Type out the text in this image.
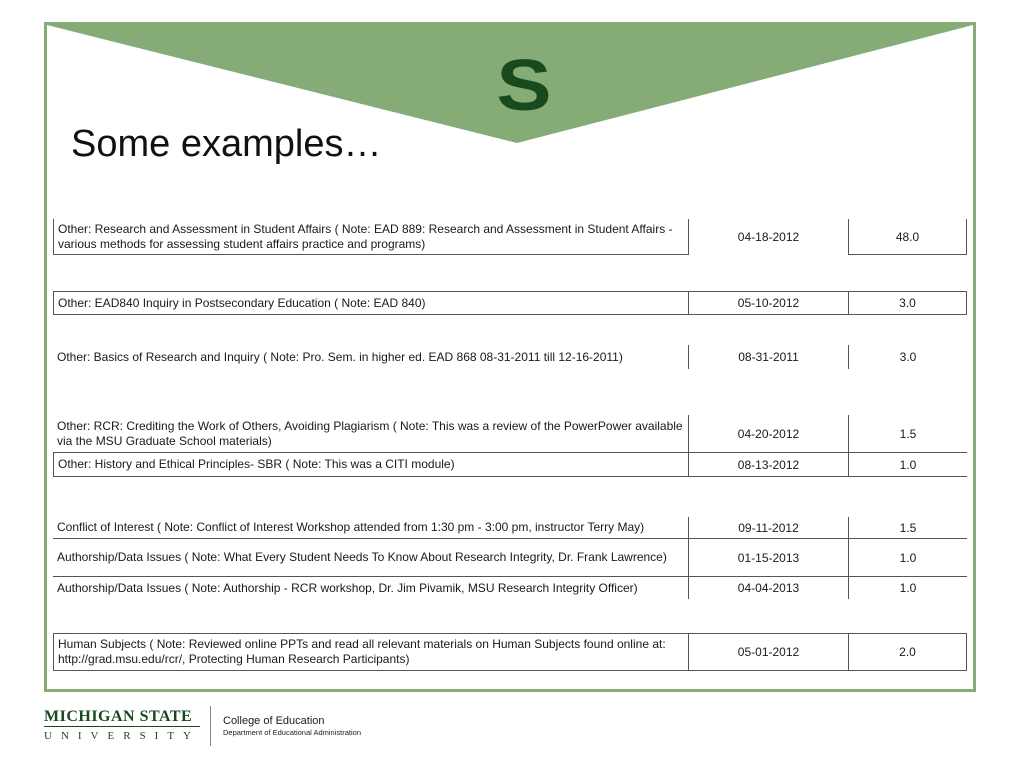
S
Some examples…
Other: Research and Assessment in Student Affairs ( Note: EAD 889: Research and Assessment in Student Affairs - various methods for assessing student affairs practice and programs)	04-18-2012	48.0
Other: EAD840 Inquiry in Postsecondary Education ( Note: EAD 840)	05-10-2012	3.0
Other: Basics of Research and Inquiry ( Note: Pro. Sem. in higher ed. EAD 868 08-31-2011 till 12-16-2011)	08-31-2011	3.0
Other: RCR: Crediting the Work of Others, Avoiding Plagiarism ( Note: This was a review of the PowerPower available via the MSU Graduate School materials)	04-20-2012	1.5
Other: History and Ethical Principles- SBR ( Note: This was a CITI module)	08-13-2012	1.0
Conflict of Interest ( Note: Conflict of Interest Workshop attended from 1:30 pm - 3:00 pm, instructor Terry May)	09-11-2012	1.5
Authorship/Data Issues ( Note: What Every Student Needs To Know About Research Integrity, Dr. Frank Lawrence)	01-15-2013	1.0
Authorship/Data Issues ( Note: Authorship - RCR workshop, Dr. Jim Pivamik, MSU Research Integrity Officer)	04-04-2013	1.0
Human Subjects ( Note: Reviewed online PPTs and read all relevant materials on Human Subjects found online at: http://grad.msu.edu/rcr/, Protecting Human Research Participants)	05-01-2012	2.0
MICHIGAN STATE
UNIVERSITY
College of Education
Department of Educational Administration
